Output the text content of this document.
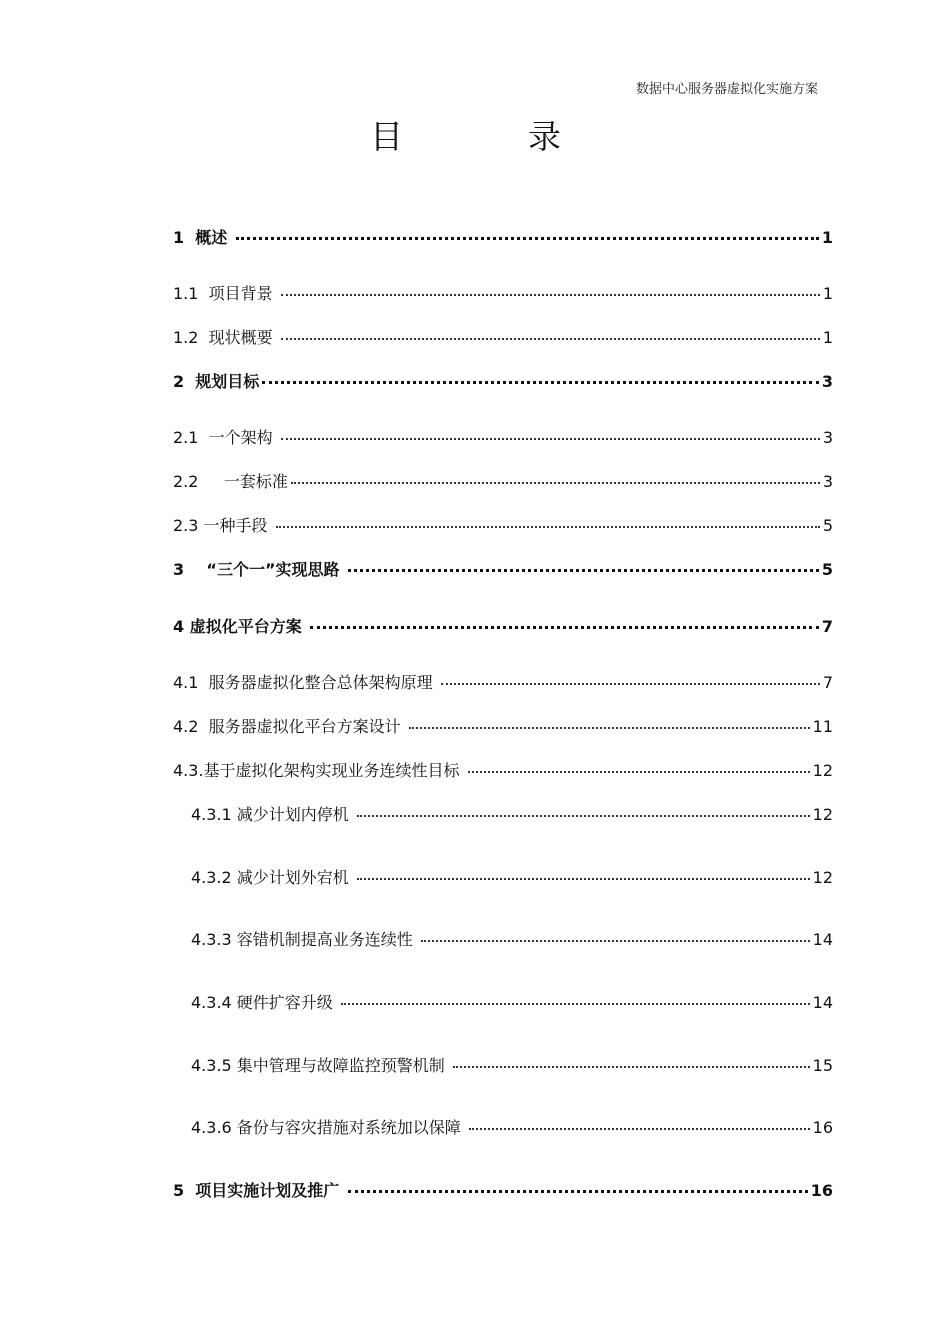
数据中心服务器虚拟化实施方案
目	录
1 概述	1
1.1 项目背景	1
1.2 现状概要	1
2 规划目标	3
2.1 一个架构	3
2.2 一套标准	3
2.3 一种手段	5
3 “三个一”实现思路	5
4 虚拟化平台方案	7
4.1 服务器虚拟化整合总体架构原理	7
4.2 服务器虚拟化平台方案设计	11
4.3. 基于虚拟化架构实现业务连续性目标	12
4.3.1 减少计划内停机	12
4.3.2 减少计划外宕机	12
4.3.3 容错机制提高业务连续性	14
4.3.4 硬件扩容升级	14
4.3.5 集中管理与故障监控预警机制	15
4.3.6 备份与容灾措施对系统加以保障	16
5 项目实施计划及推广	16
